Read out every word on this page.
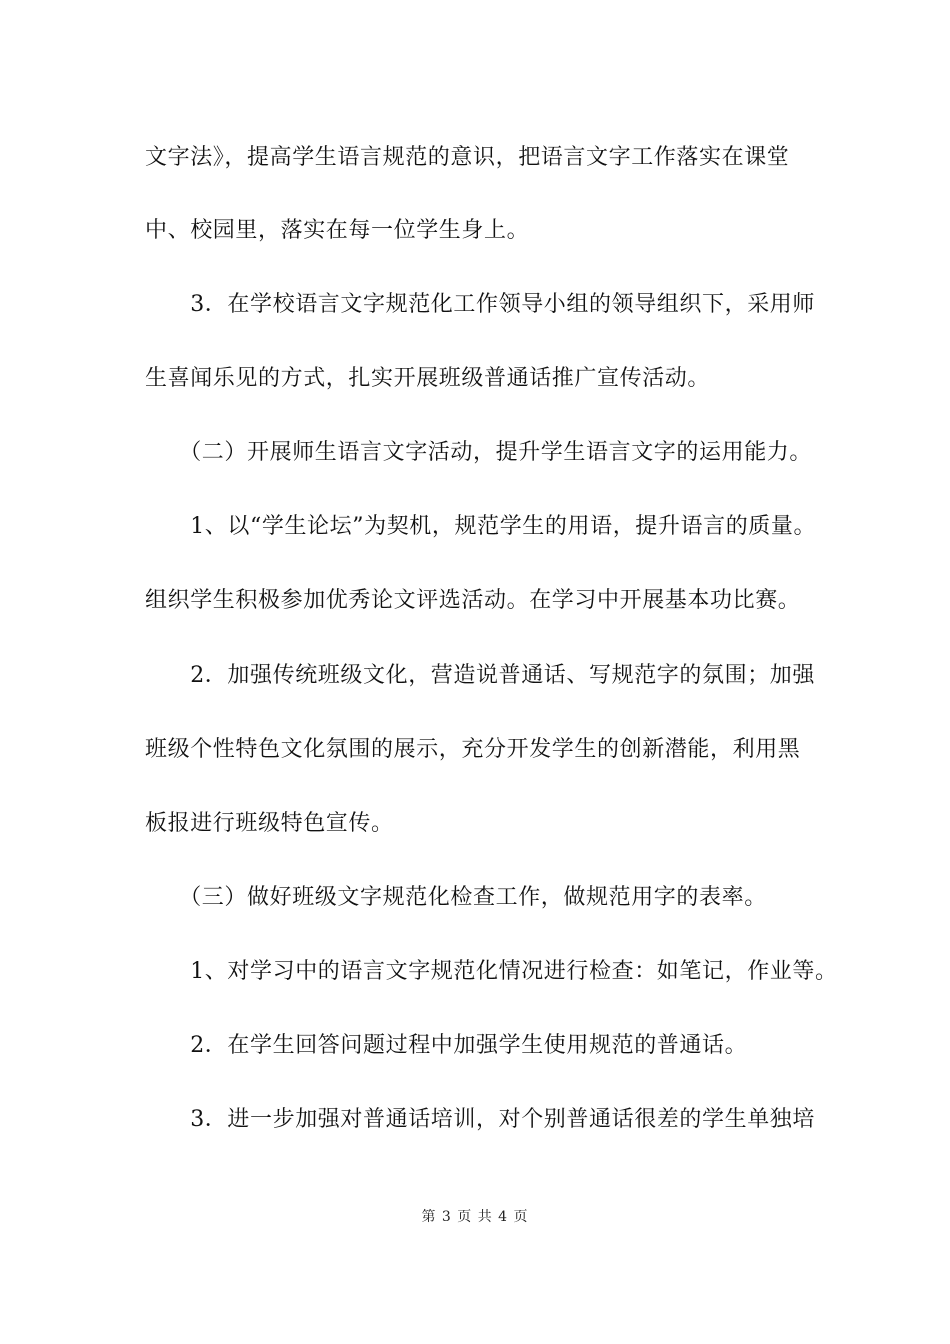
文字法》，提高学生语言规范的意识，把语言文字工作落实在课堂
中、校园里，落实在每一位学生身上。
　　3．在学校语言文字规范化工作领导小组的领导组织下，采用师
生喜闻乐见的方式，扎实开展班级普通话推广宣传活动。
　　（二）开展师生语言文字活动，提升学生语言文字的运用能力。
　　1、以“学生论坛”为契机，规范学生的用语，提升语言的质量。
组织学生积极参加优秀论文评选活动。在学习中开展基本功比赛。
　　2．加强传统班级文化，营造说普通话、写规范字的氛围；加强
班级个性特色文化氛围的展示，充分开发学生的创新潜能，利用黑
板报进行班级特色宣传。
　　（三）做好班级文字规范化检查工作，做规范用字的表率。
　　1、对学习中的语言文字规范化情况进行检查：如笔记，作业等。
　　2．在学生回答问题过程中加强学生使用规范的普通话。
　　3．进一步加强对普通话培训，对个别普通话很差的学生单独培
第 3 页 共 4 页
